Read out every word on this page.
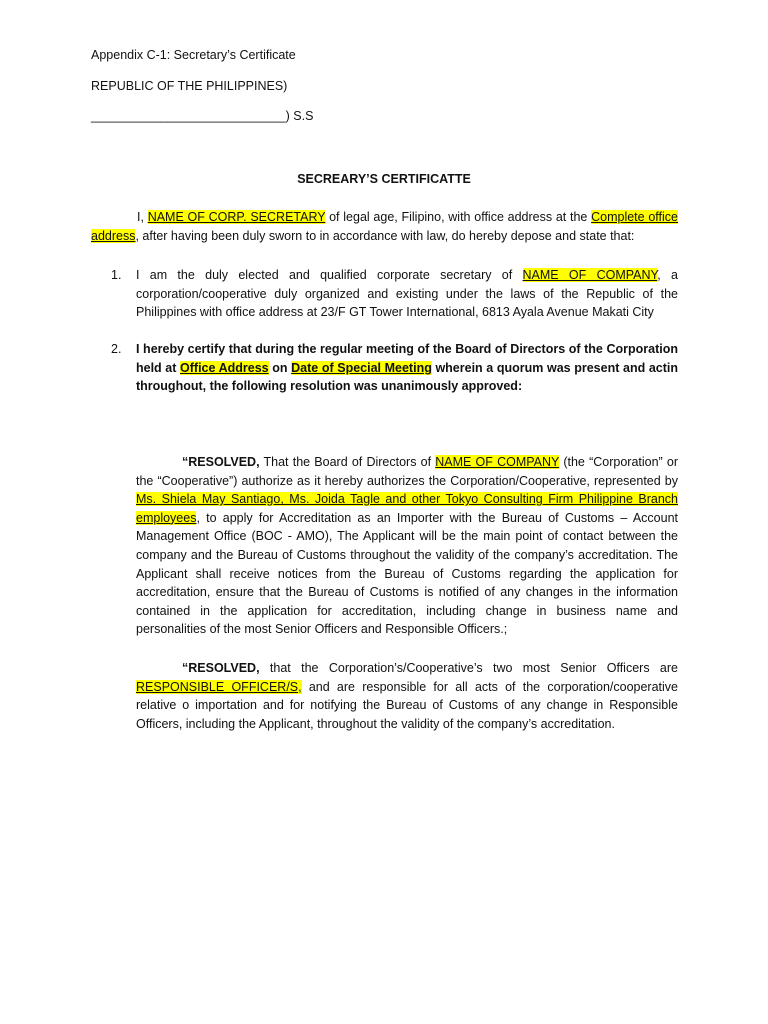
Appendix C-1: Secretary’s Certificate
REPUBLIC OF THE PHILIPPINES)
____________________________) S.S
SECREARY’S CERTIFICATTE
I, NAME OF CORP. SECRETARY of legal age, Filipino, with office address at the Complete office address, after having been duly sworn to in accordance with law, do hereby depose and state that:
1. I am the duly elected and qualified corporate secretary of NAME OF COMPANY, a corporation/cooperative duly organized and existing under the laws of the Republic of the Philippines with office address at 23/F GT Tower International, 6813 Ayala Avenue Makati City
2. I hereby certify that during the regular meeting of the Board of Directors of the Corporation held at Office Address on Date of Special Meeting wherein a quorum was present and actin throughout, the following resolution was unanimously approved:
“RESOLVED, That the Board of Directors of NAME OF COMPANY (the “Corporation” or the “Cooperative”) authorize as it hereby authorizes the Corporation/Cooperative, represented by Ms. Shiela May Santiago, Ms. Joida Tagle and other Tokyo Consulting Firm Philippine Branch employees, to apply for Accreditation as an Importer with the Bureau of Customs – Account Management Office (BOC - AMO), The Applicant will be the main point of contact between the company and the Bureau of Customs throughout the validity of the company’s accreditation. The Applicant shall receive notices from the Bureau of Customs regarding the application for accreditation, ensure that the Bureau of Customs is notified of any changes in the information contained in the application for accreditation, including change in business name and personalities of the most Senior Officers and Responsible Officers.;
“RESOLVED, that the Corporation’s/Cooperative’s two most Senior Officers are RESPONSIBLE OFFICER/S, and are responsible for all acts of the corporation/cooperative relative o importation and for notifying the Bureau of Customs of any change in Responsible Officers, including the Applicant, throughout the validity of the company’s accreditation.
